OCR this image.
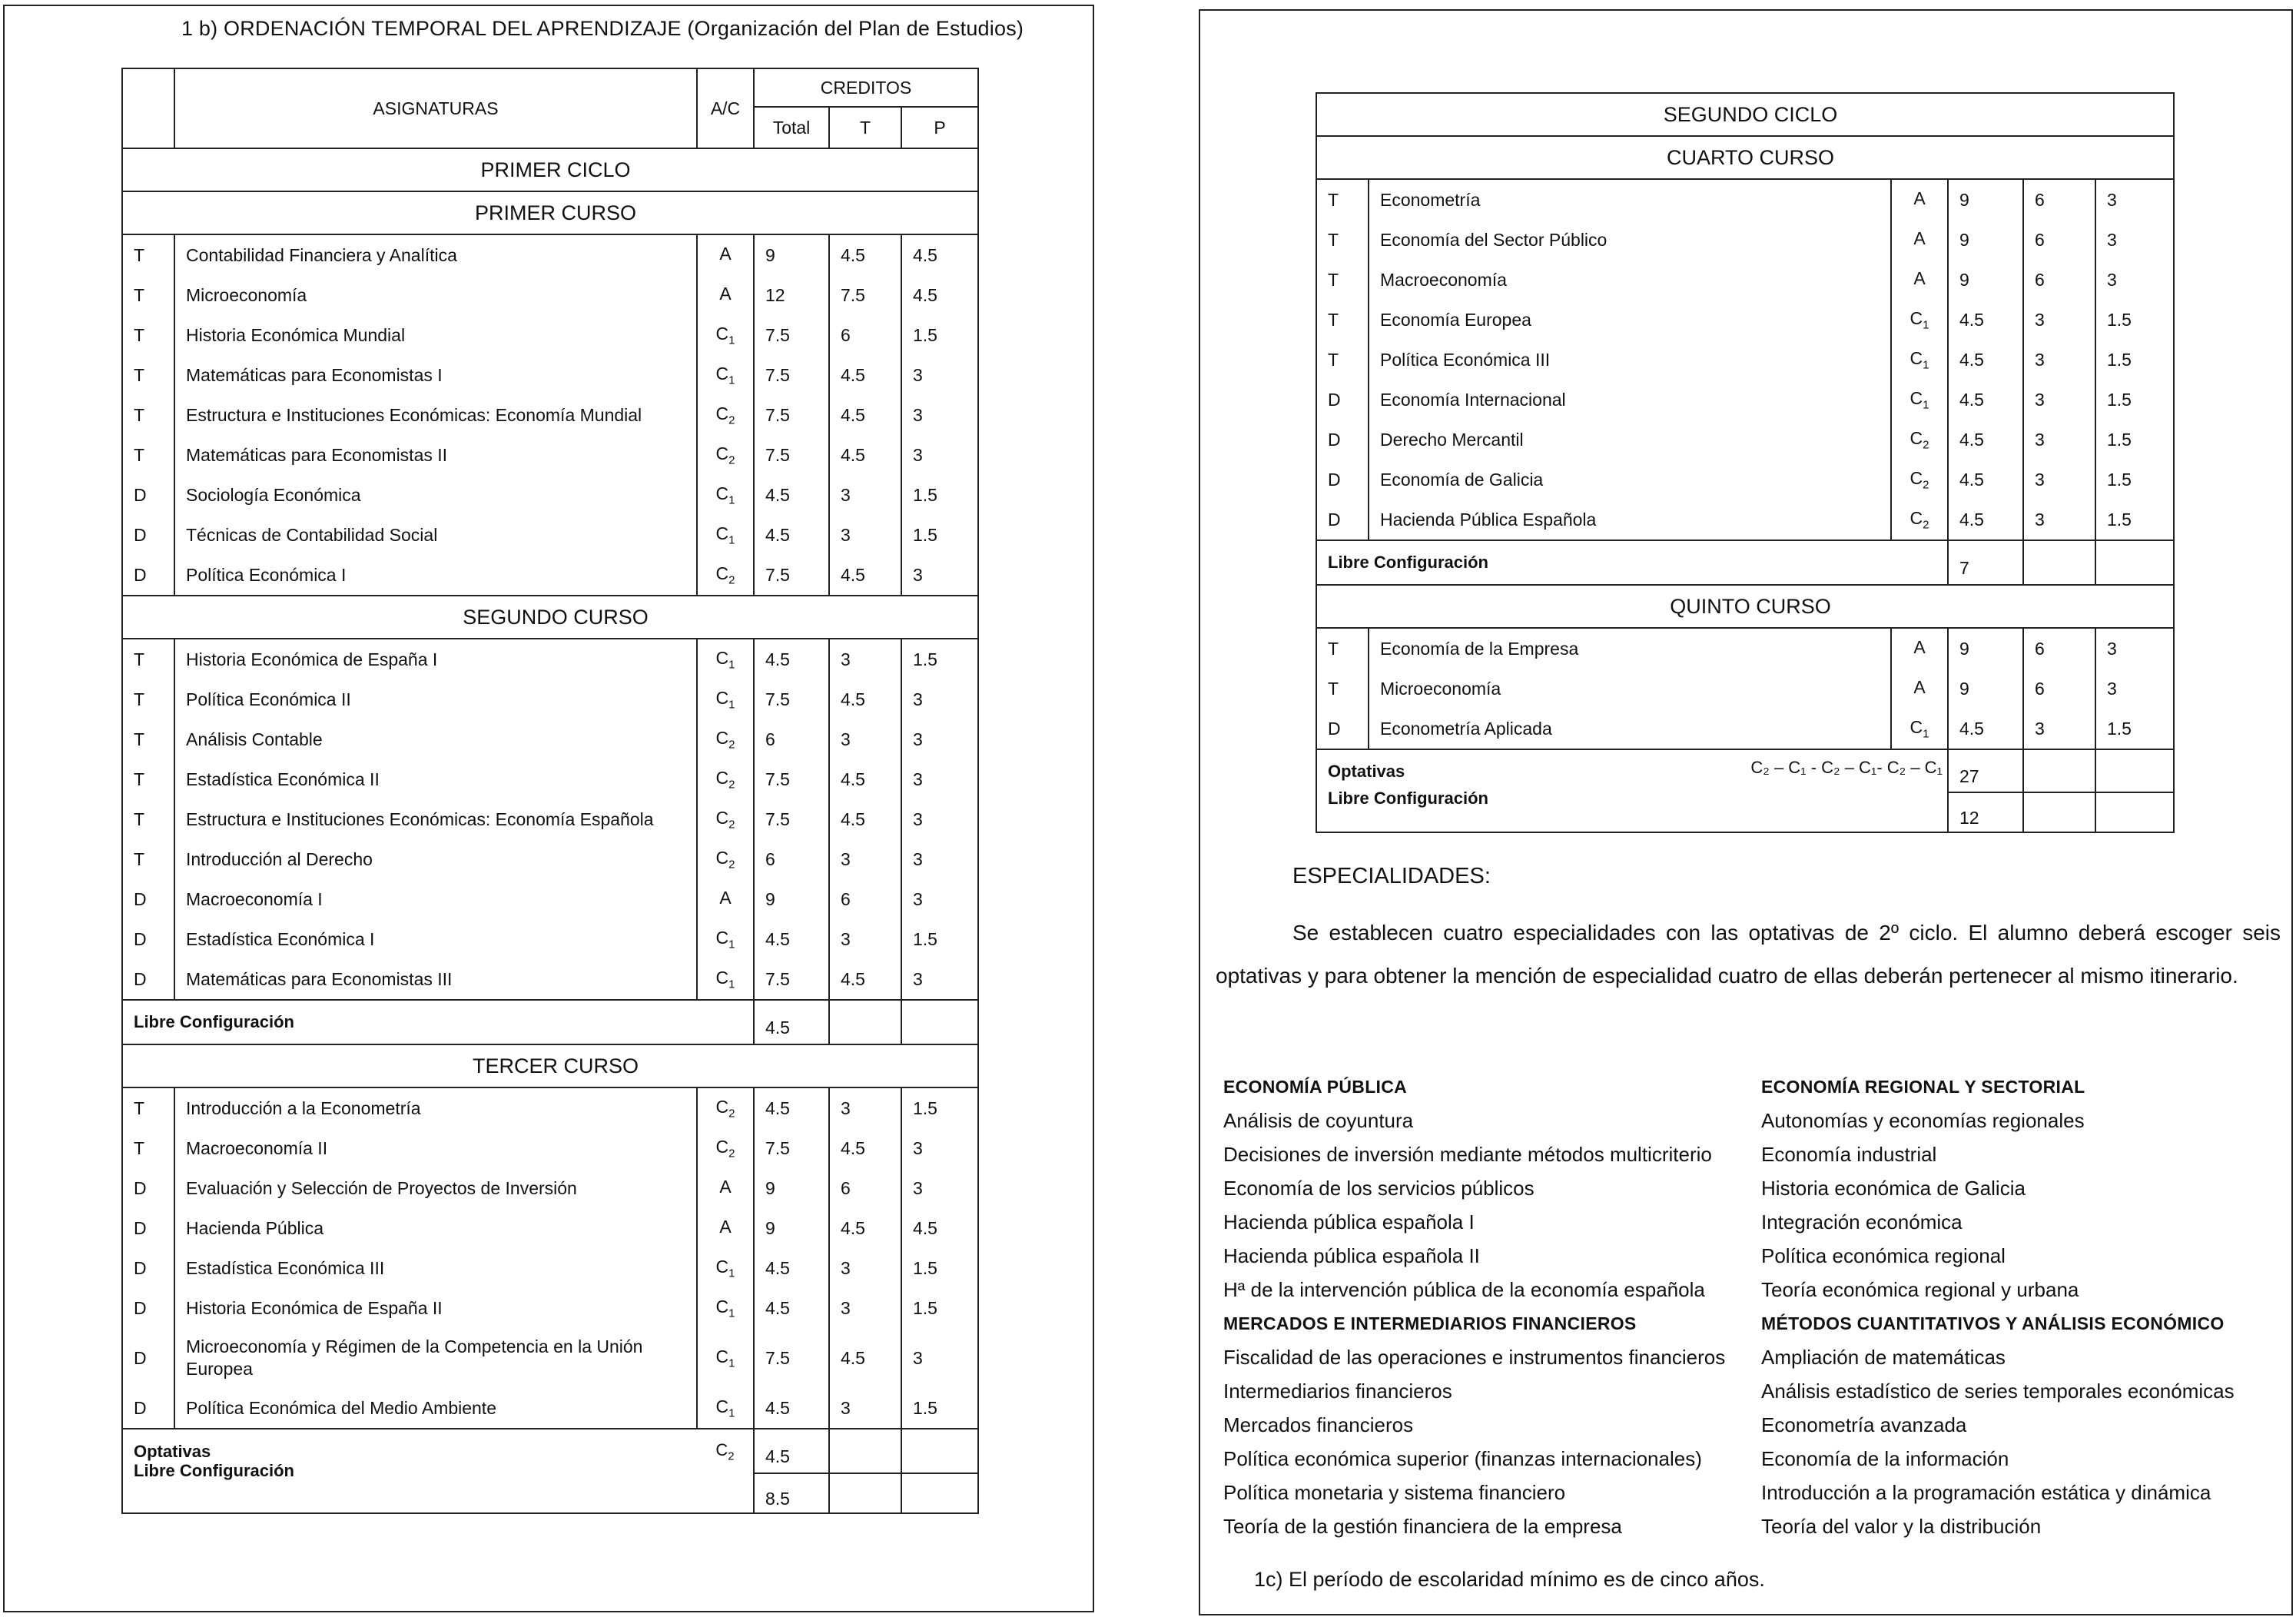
1 b) ORDENACIÓN TEMPORAL DEL APRENDIZAJE (Organización del Plan de Estudios)
	ASIGNATURAS	A/C	CREDITOS		
			Total	T	P
PRIMER CICLO					
PRIMER CURSO					
T	Contabilidad Financiera y Analítica	A	9	4.5	4.5
T	Microeconomía	A	12	7.5	4.5
T	Historia Económica Mundial	$C_1$	7.5	6	1.5
T	Matemáticas para Economistas I	$C_1$	7.5	4.5	3
T	Estructura e Instituciones Económicas: Economía Mundial	$C_2$	7.5	4.5	3
T	Matemáticas para Economistas II	$C_2$	7.5	4.5	3
D	Sociología Económica	$C_1$	4.5	3	1.5
D	Técnicas de Contabilidad Social	$C_1$	4.5	3	1.5
D	Política Económica I	$C_2$	7.5	4.5	3
SEGUNDO CURSO					
T	Historia Económica de España I	$C_1$	4.5	3	1.5
T	Política Económica II	$C_1$	7.5	4.5	3
T	Análisis Contable	$C_2$	6	3	3
T	Estadística Económica II	$C_2$	7.5	4.5	3
T	Estructura e Instituciones Económicas: Economía Española	$C_2$	7.5	4.5	3
T	Introducción al Derecho	$C_2$	6	3	3
D	Macroeconomía I	A	9	6	3
D	Estadística Económica I	$C_1$	4.5	3	1.5
D	Matemáticas para Economistas III	$C_1$	7.5	4.5	3
Libre Configuración			4.5		
TERCER CURSO					
T	Introducción a la Econometría	$C_2$	4.5	3	1.5
T	Macroeconomía II	$C_2$	7.5	4.5	3
D	Evaluación y Selección de Proyectos de Inversión	A	9	6	3
D	Hacienda Pública	A	9	4.5	4.5
D	Estadística Económica III	$C_1$	4.5	3	1.5
D	Historia Económica de España II	$C_1$	4.5	3	1.5
D	Microeconomía y Régimen de la Competencia en la Unión Europea	$C_1$	7.5	4.5	3
D	Política Económica del Medio Ambiente	$C_1$	4.5	3	1.5
Optativas		$C_2$	4.5		
Libre Configuración			8.5		
SEGUNDO CICLO					
CUARTO CURSO					
T	Econometría	A	9	6	3
T	Economía del Sector Público	A	9	6	3
T	Macroeconomía	A	9	6	3
T	Economía Europea	$C_1$	4.5	3	1.5
T	Política Económica III	$C_1$	4.5	3	1.5
D	Economía Internacional	$C_1$	4.5	3	1.5
D	Derecho Mercantil	$C_2$	4.5	3	1.5
D	Economía de Galicia	$C_2$	4.5	3	1.5
D	Hacienda Pública Española	$C_2$	4.5	3	1.5
Libre Configuración			7		
QUINTO CURSO					
T	Economía de la Empresa	A	9	6	3
T	Microeconomía	A	9	6	3
D	Econometría Aplicada	$C_1$	4.5	3	1.5
Optativas		C₂ – C₁ - C₂ – C₁- C₂ – C₁	27		
Libre Configuración			12		
ESPECIALIDADES:
Se establecen cuatro especialidades con las optativas de 2º ciclo. El alumno deberá escoger seis optativas y para obtener la mención de especialidad cuatro de ellas deberán pertenecer al mismo itinerario.
ECONOMÍA PÚBLICA
Análisis de coyuntura
Decisiones de inversión mediante métodos multicriterio
Economía de los servicios públicos
Hacienda pública española I
Hacienda pública española II
Hª de la intervención pública de la economía española
MERCADOS E INTERMEDIARIOS FINANCIEROS
Fiscalidad de las operaciones e instrumentos financieros
Intermediarios financieros
Mercados financieros
Política económica superior (finanzas internacionales)
Política monetaria y sistema financiero
Teoría de la gestión financiera de la empresa
ECONOMÍA REGIONAL Y SECTORIAL
Autonomías y economías regionales
Economía industrial
Historia económica de Galicia
Integración económica
Política económica regional
Teoría económica regional y urbana
MÉTODOS CUANTITATIVOS Y ANÁLISIS ECONÓMICO
Ampliación de matemáticas
Análisis estadístico de series temporales económicas
Econometría avanzada
Economía de la información
Introducción a la programación estática y dinámica
Teoría del valor y la distribución
1c) El período de escolaridad mínimo es de cinco años.
